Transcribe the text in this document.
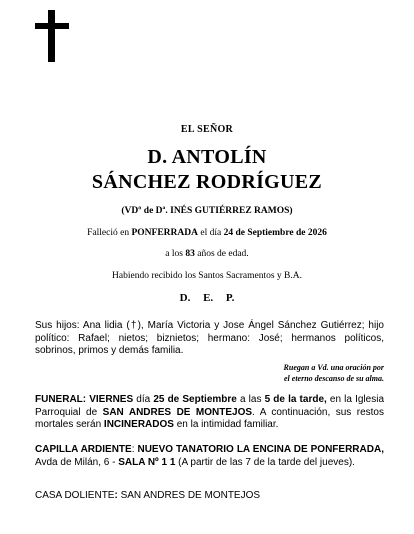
EL SEÑOR
D. ANTOLÍN
SÁNCHEZ RODRÍGUEZ
(VDº de Dª. INÉS GUTIÉRREZ RAMOS)
Falleció en PONFERRADA el día 24 de Septiembre de 2026
a los 83 años de edad.
Habiendo recibido los Santos Sacramentos y B.A.
D. E. P.
Sus hijos: Ana lidia (†), María Victoria y Jose Ángel Sánchez Gutiérrez; hijo político: Rafael; nietos; biznietos; hermano: José; hermanos políticos, sobrinos, primos y demás familia.
Ruegan a Vd. una oración por
el eterno descanso de su alma.
FUNERAL: VIERNES día 25 de Septiembre a las 5 de la tarde, en la Iglesia Parroquial de SAN ANDRES DE MONTEJOS. A continuación, sus restos mortales serán INCINERADOS en la intimidad familiar.
CAPILLA ARDIENTE: NUEVO TANATORIO LA ENCINA DE PONFERRADA, Avda de Milán, 6 - SALA Nº 1 1 (A partir de las 7 de la tarde del jueves).
CASA DOLIENTE: SAN ANDRES DE MONTEJOS
